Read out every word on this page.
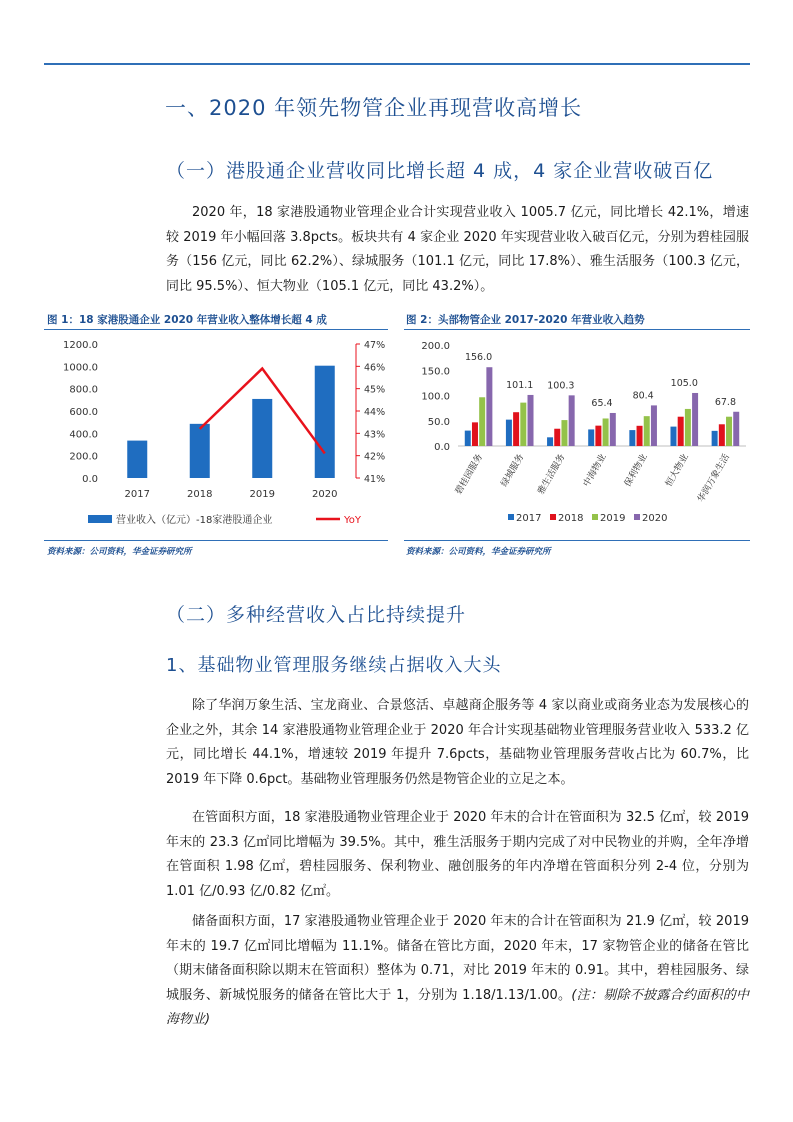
一、2020 年领先物管企业再现营收高增长
（一）港股通企业营收同比增长超 4 成，4 家企业营收破百亿

2020 年，18 家港股通物业管理企业合计实现营业收入 1005.7 亿元，同比增长 42.1%，增速较 2019 年小幅回落 3.8pcts。板块共有 4 家企业 2020 年实现营业收入破百亿元，分别为碧桂园服务（156 亿元，同比 62.2%）、绿城服务（101.1 亿元，同比 17.8%）、雅生活服务（100.3 亿元，同比 95.5%）、恒大物业（105.1 亿元，同比 43.2%）。

图 1：18 家港股通企业 2020 年营业收入整体增长超 4 成
0.0
200.0
400.0
600.0
800.0
1000.0
1200.0
41%
42%
43%
44%
45%
46%
47%
2017	2018	2019	2020
营业收入（亿元）-18家港股通企业	YoY
资料来源：公司资料，华金证券研究所
图 2：头部物管企业 2017-2020 年营业收入趋势
0.0
50.0
100.0
150.0
200.0
156.0
碧桂园服务
101.1
绿城服务
100.3
雅生活服务
65.4
中海物业
80.4
保利物业
105.0
恒大物业
67.8
华润万象生活
2017 2018 2019 2020
资料来源：公司资料，华金证券研究所
（二）多种经营收入占比持续提升
1、基础物业管理服务继续占据收入大头

除了华润万象生活、宝龙商业、合景悠活、卓越商企服务等 4 家以商业或商务业态为发展核心的企业之外，其余 14 家港股通物业管理企业于 2020 年合计实现基础物业管理服务营业收入 533.2 亿元，同比增长 44.1%，增速较 2019 年提升 7.6pcts，基础物业管理服务营收占比为 60.7%，比 2019 年下降 0.6pct。基础物业管理服务仍然是物管企业的立足之本。

在管面积方面，18 家港股通物业管理企业于 2020 年末的合计在管面积为 32.5 亿㎡，较 2019 年末的 23.3 亿㎡同比增幅为 39.5%。其中，雅生活服务于期内完成了对中民物业的并购，全年净增在管面积 1.98 亿㎡，碧桂园服务、保利物业、融创服务的年内净增在管面积分列 2-4 位，分别为 1.01 亿/0.93 亿/0.82 亿㎡。

储备面积方面，17 家港股通物业管理企业于 2020 年末的合计在管面积为 21.9 亿㎡，较 2019 年末的 19.7 亿㎡同比增幅为 11.1%。储备在管比方面，2020 年末，17 家物管企业的储备在管比（期末储备面积除以期末在管面积）整体为 0.71，对比 2019 年末的 0.91。其中，碧桂园服务、绿城服务、新城悦服务的储备在管比大于 1，分别为 1.18/1.13/1.00。(注：剔除不披露合约面积的中海物业)
